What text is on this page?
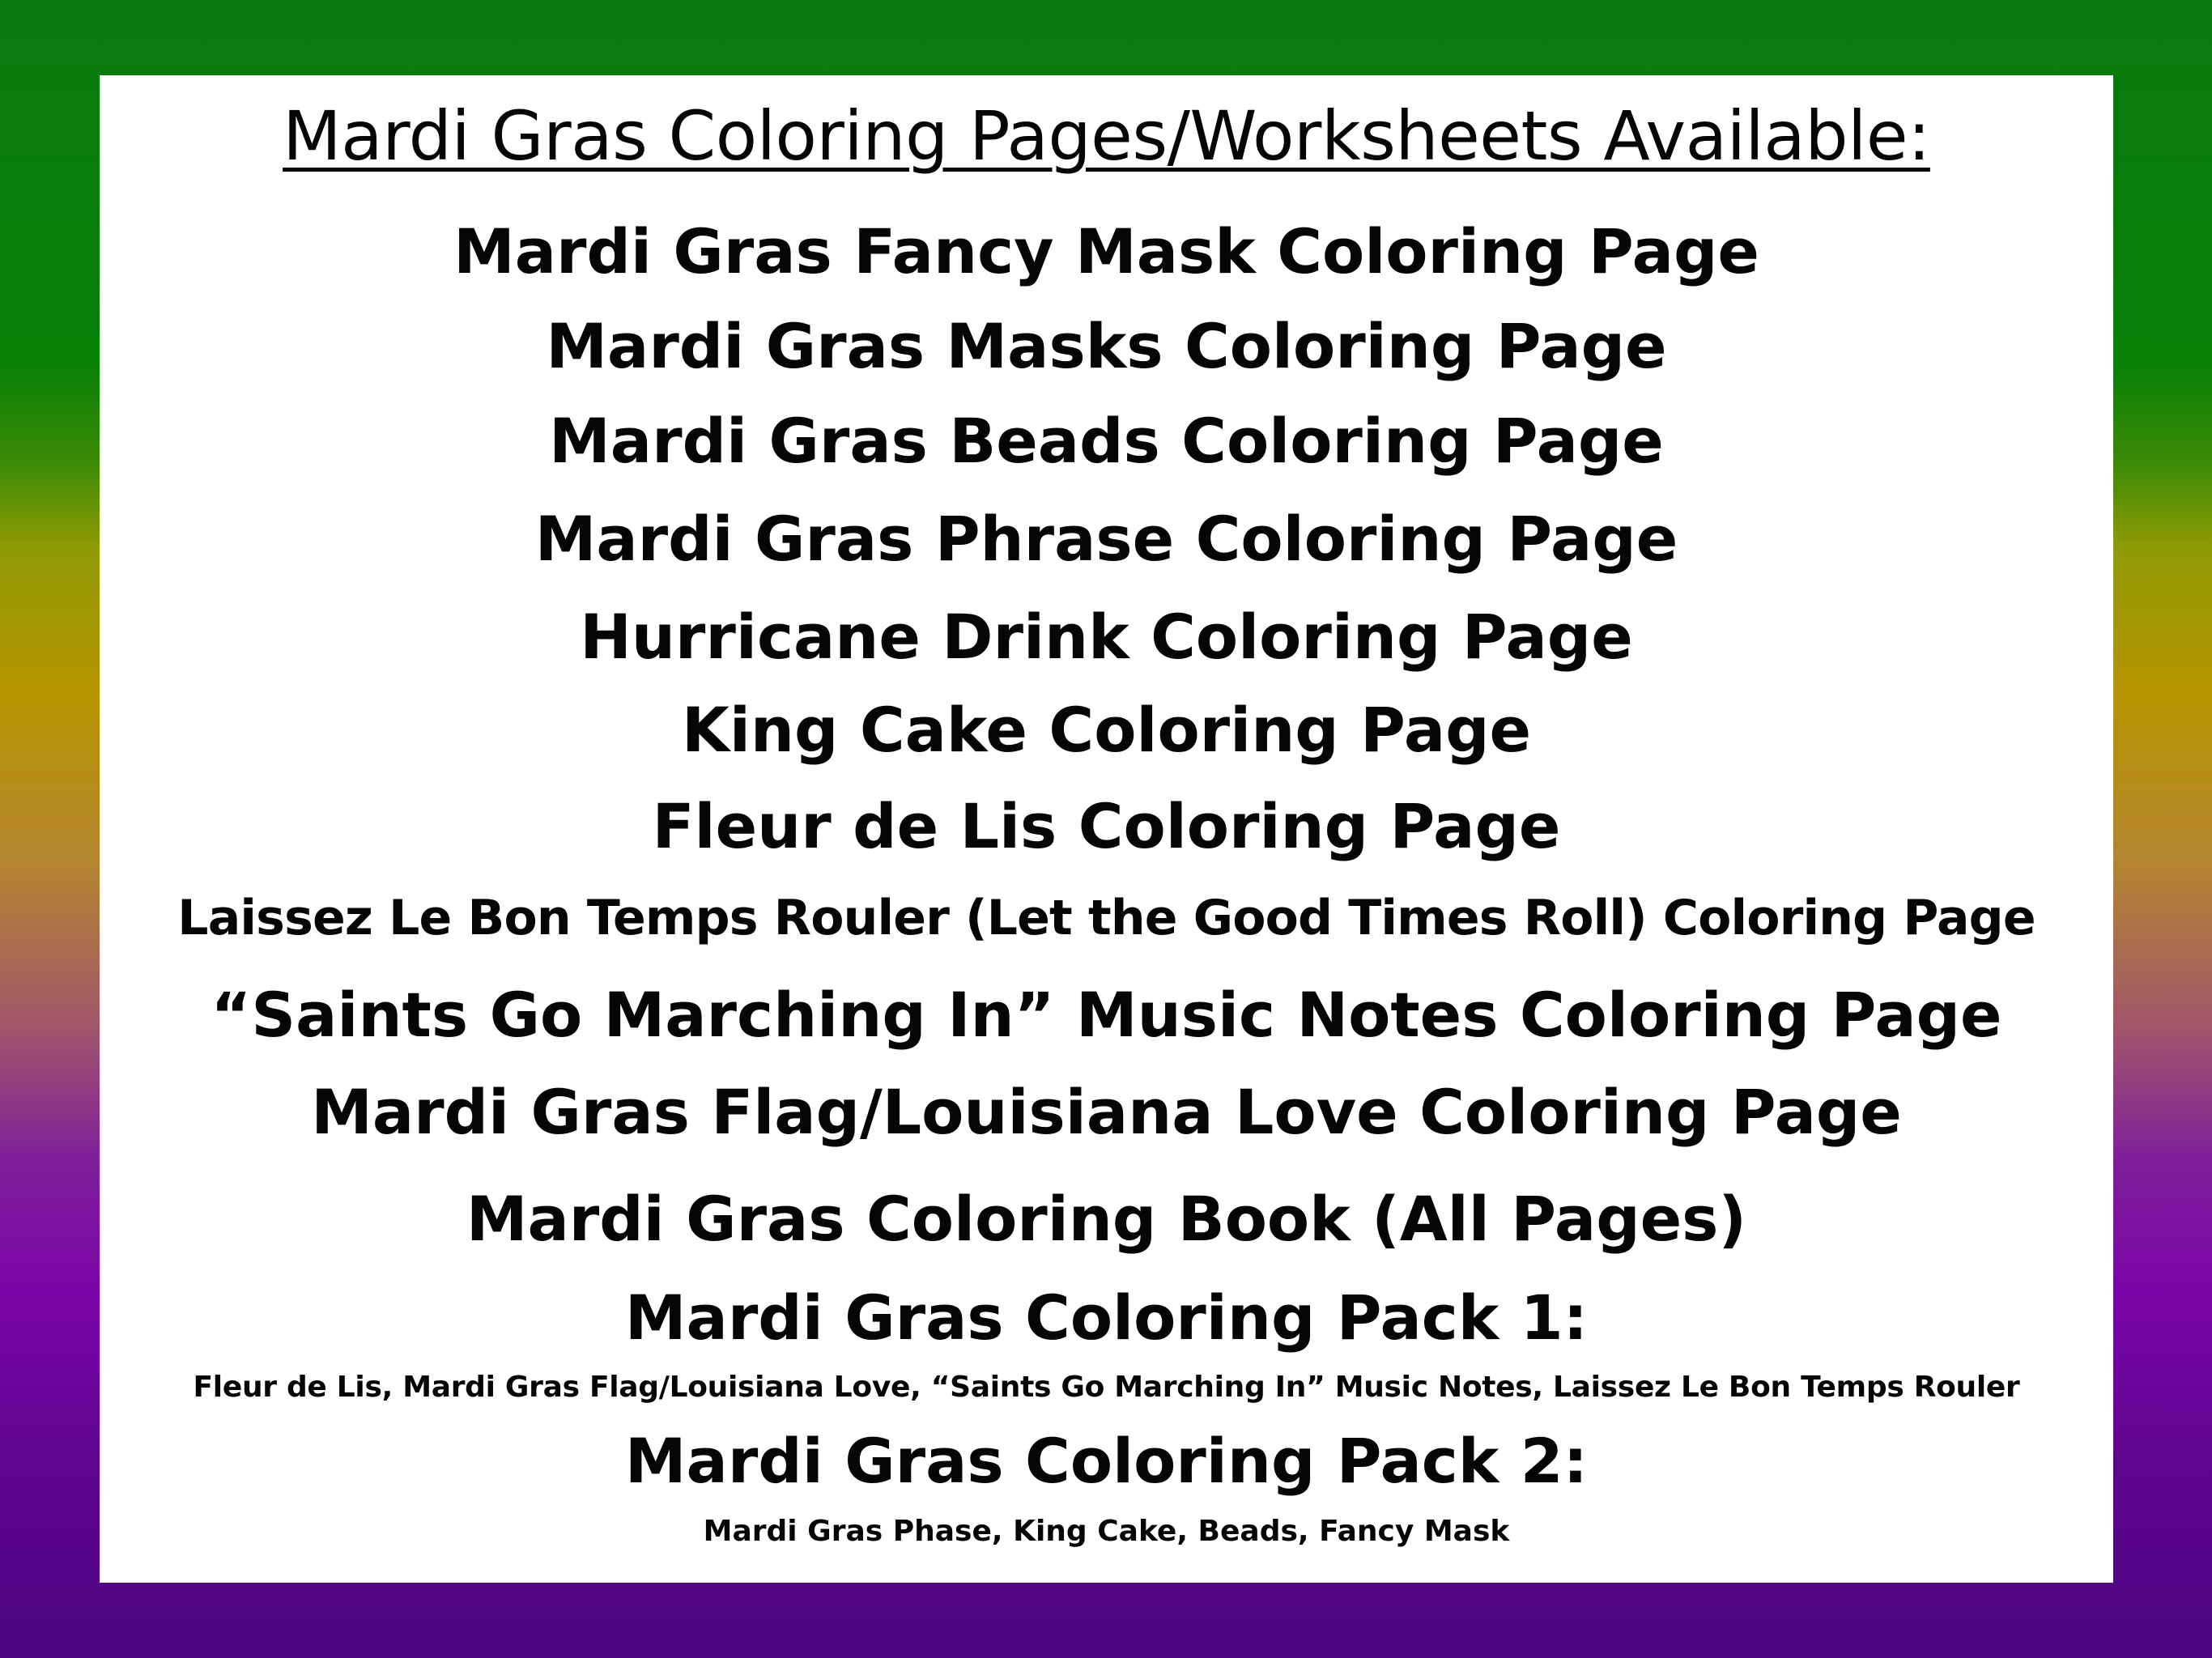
Mardi Gras Coloring Pages/Worksheets Available:
Mardi Gras Fancy Mask Coloring Page
Mardi Gras Masks Coloring Page
Mardi Gras Beads Coloring Page
Mardi Gras Phrase Coloring Page
Hurricane Drink Coloring Page
King Cake Coloring Page
Fleur de Lis Coloring Page
Laissez Le Bon Temps Rouler (Let the Good Times Roll) Coloring Page
“Saints Go Marching In” Music Notes Coloring Page
Mardi Gras Flag/Louisiana Love Coloring Page
Mardi Gras Coloring Book (All Pages)
Mardi Gras Coloring Pack 1:
Fleur de Lis, Mardi Gras Flag/Louisiana Love, “Saints Go Marching In” Music Notes, Laissez Le Bon Temps Rouler
Mardi Gras Coloring Pack 2:
Mardi Gras Phase, King Cake, Beads, Fancy Mask
